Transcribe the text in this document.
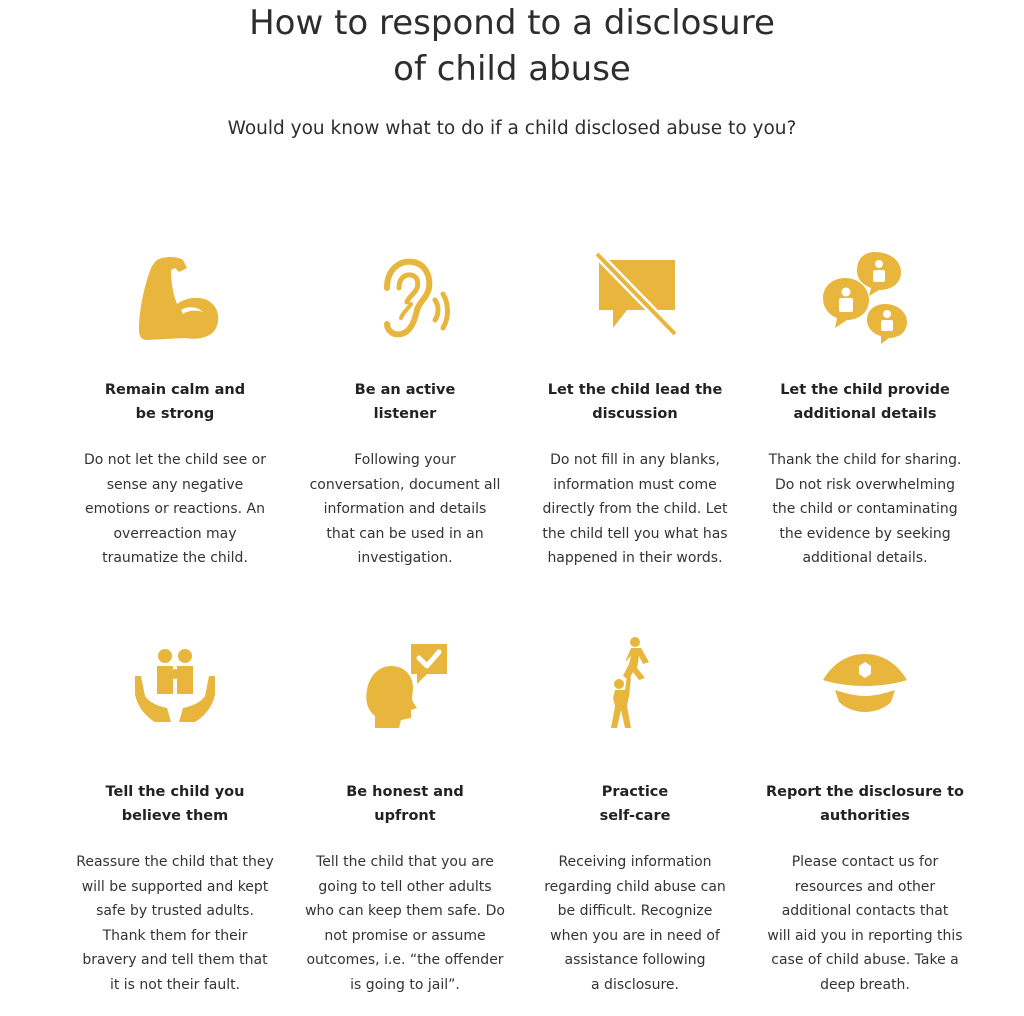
How to respond to a disclosure
of child abuse

Would you know what to do if a child disclosed abuse to you?

Remain calm and
be strong
Do not let the child see or
sense any negative
emotions or reactions. An
overreaction may
traumatize the child.
Be an active
listener
Following your
conversation, document all
information and details
that can be used in an
investigation.
Let the child lead the
discussion
Do not fill in any blanks,
information must come
directly from the child. Let
the child tell you what has
happened in their words.
Let the child provide
additional details
Thank the child for sharing.
Do not risk overwhelming
the child or contaminating
the evidence by seeking
additional details.
Tell the child you
believe them
Reassure the child that they
will be supported and kept
safe by trusted adults.
Thank them for their
bravery and tell them that
it is not their fault.
Be honest and
upfront
Tell the child that you are
going to tell other adults
who can keep them safe. Do
not promise or assume
outcomes, i.e. “the offender
is going to jail”.
Practice
self-care
Receiving information
regarding child abuse can
be difficult. Recognize
when you are in need of
assistance following
a disclosure.
Report the disclosure to
authorities
Please contact us for
resources and other
additional contacts that
will aid you in reporting this
case of child abuse. Take a
deep breath.
